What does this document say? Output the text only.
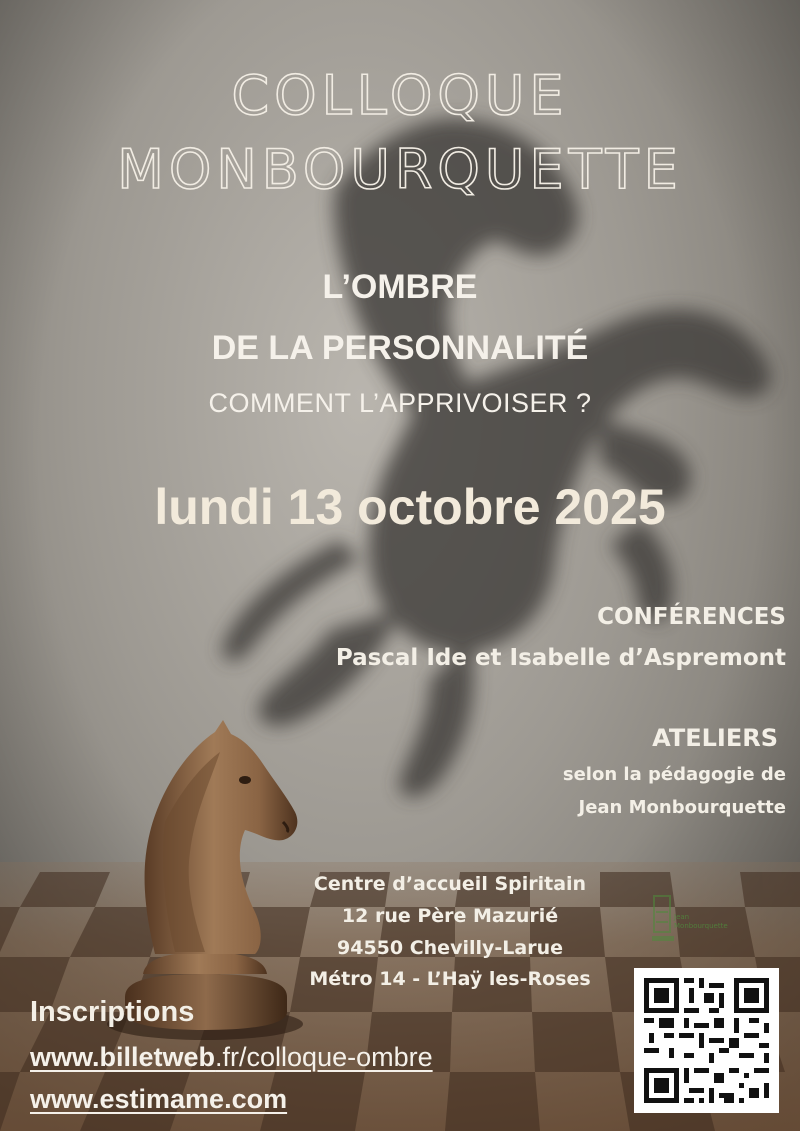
COLLOQUE
MONBOURQUETTE
L’OMBRE
DE LA PERSONNALITÉ
COMMENT L’APPRIVOISER ?
lundi 13 octobre 2025
CONFÉRENCES
Pascal Ide et Isabelle d’Aspremont
ATELIERS
selon la pédagogie de
Jean Monbourquette
Centre d’accueil Spiritain
12 rue Père Mazurié
94550 Chevilly-Larue
Métro 14 - L’Haÿ les-Roses
Inscriptions
www.billetweb.fr/colloque-ombre
www.estimame.com
Jean
Monbourquette
